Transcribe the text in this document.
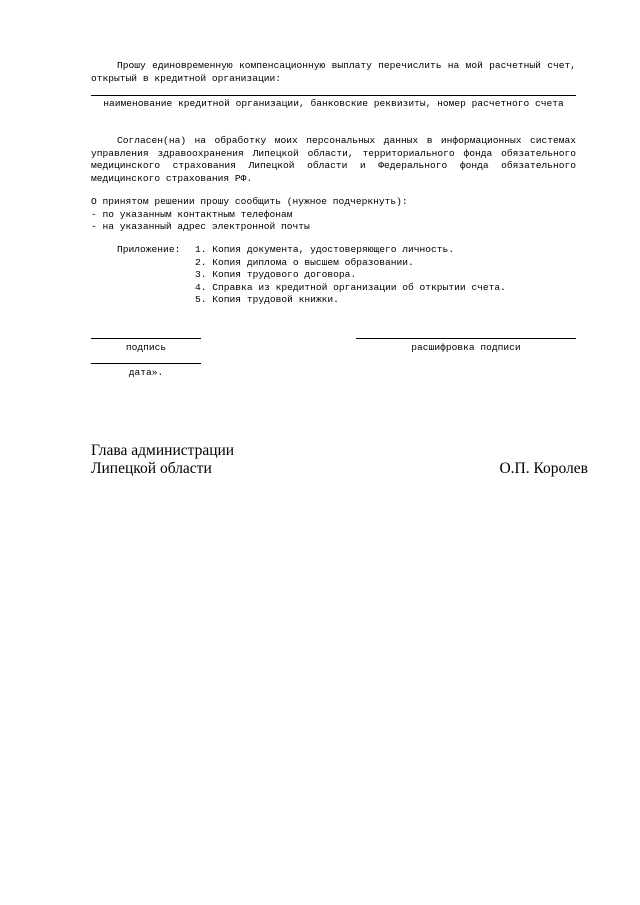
Прошу единовременную компенсационную выплату перечислить на мой расчетный счет, открытый в кредитной организации:
наименование кредитной организации, банковские реквизиты, номер расчетного счета
Согласен(на) на обработку моих персональных данных в информационных системах управления здравоохранения Липецкой области, территориального фонда обязательного медицинского страхования Липецкой области и Федерального фонда обязательного медицинского страхования РФ.
О принятом решении прошу сообщить (нужное подчеркнуть):
- по указанным контактным телефонам
- на указанный адрес электронной почты
Приложение: 1. Копия документа, удостоверяющего личность.
2. Копия диплома о высшем образовании.
3. Копия трудового договора.
4. Справка из кредитной организации об открытии счета.
5. Копия трудовой книжки.
подпись	расшифровка подписи
дата».
Глава администрации
Липецкой области	О.П. Королев
